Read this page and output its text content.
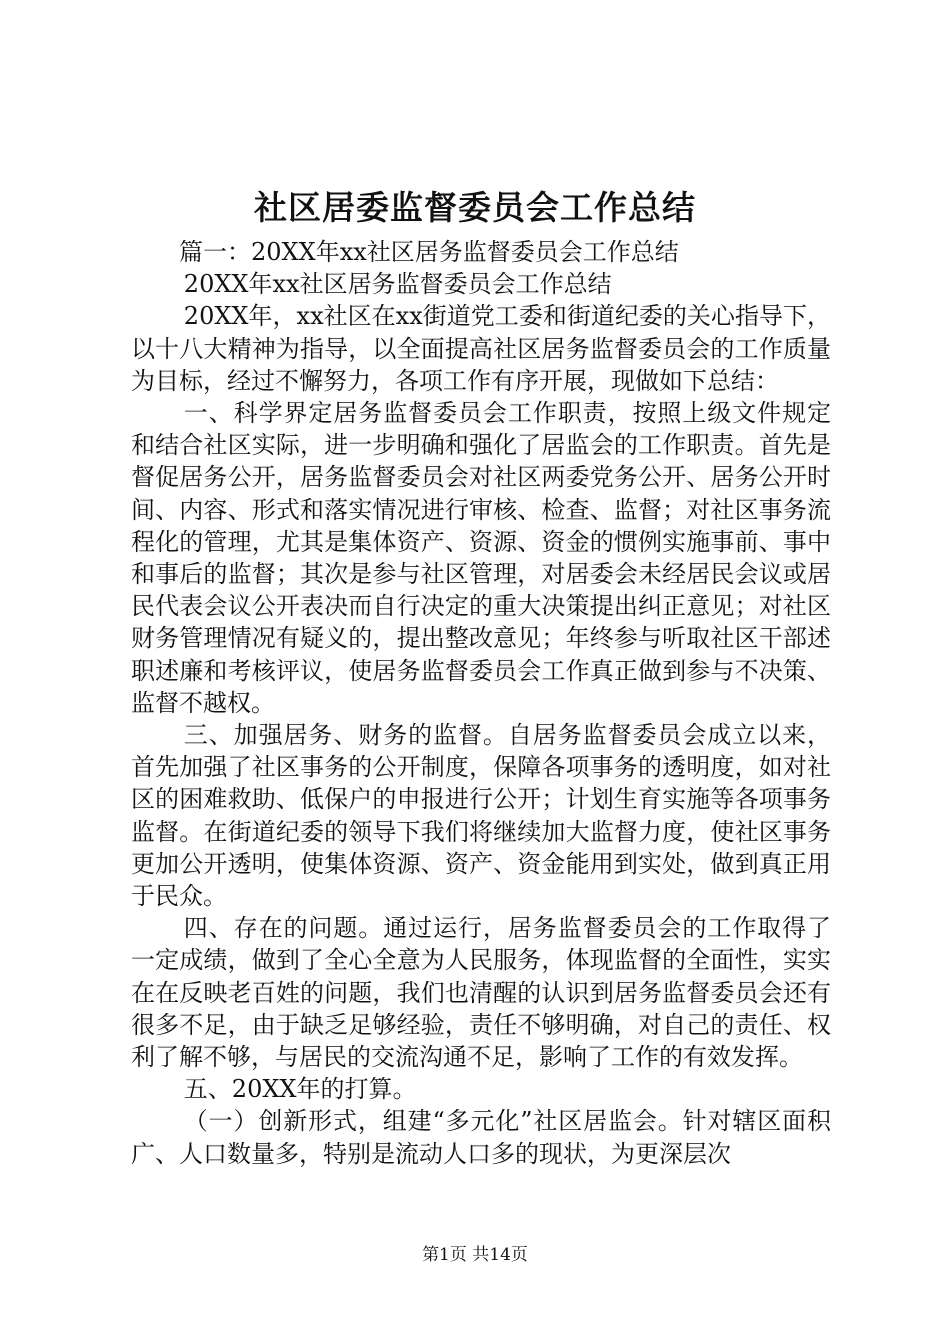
社区居委监督委员会工作总结

篇一：20XX年xx社区居务监督委员会工作总结

20XX年xx社区居务监督委员会工作总结

20XX年，xx社区在xx街道党工委和街道纪委的关心指导下，以十八大精神为指导，以全面提高社区居务监督委员会的工作质量为目标，经过不懈努力，各项工作有序开展，现做如下总结：

一、科学界定居务监督委员会工作职责，按照上级文件规定和结合社区实际，进一步明确和强化了居监会的工作职责。首先是督促居务公开，居务监督委员会对社区两委党务公开、居务公开时间、内容、形式和落实情况进行审核、检查、监督；对社区事务流程化的管理，尤其是集体资产、资源、资金的惯例实施事前、事中和事后的监督；其次是参与社区管理，对居委会未经居民会议或居民代表会议公开表决而自行决定的重大决策提出纠正意见；对社区财务管理情况有疑义的，提出整改意见；年终参与听取社区干部述职述廉和考核评议，使居务监督委员会工作真正做到参与不决策、监督不越权。

三、加强居务、财务的监督。自居务监督委员会成立以来，首先加强了社区事务的公开制度，保障各项事务的透明度，如对社区的困难救助、低保户的申报进行公开；计划生育实施等各项事务监督。在街道纪委的领导下我们将继续加大监督力度，使社区事务更加公开透明，使集体资源、资产、资金能用到实处，做到真正用于民众。

四、存在的问题。通过运行，居务监督委员会的工作取得了一定成绩，做到了全心全意为人民服务，体现监督的全面性，实实在在反映老百姓的问题，我们也清醒的认识到居务监督委员会还有很多不足，由于缺乏足够经验，责任不够明确，对自己的责任、权利了解不够，与居民的交流沟通不足，影响了工作的有效发挥。

五、20XX年的打算。

（一）创新形式，组建“多元化”社区居监会。针对辖区面积广、人口数量多，特别是流动人口多的现状，为更深层次

第1页 共14页
